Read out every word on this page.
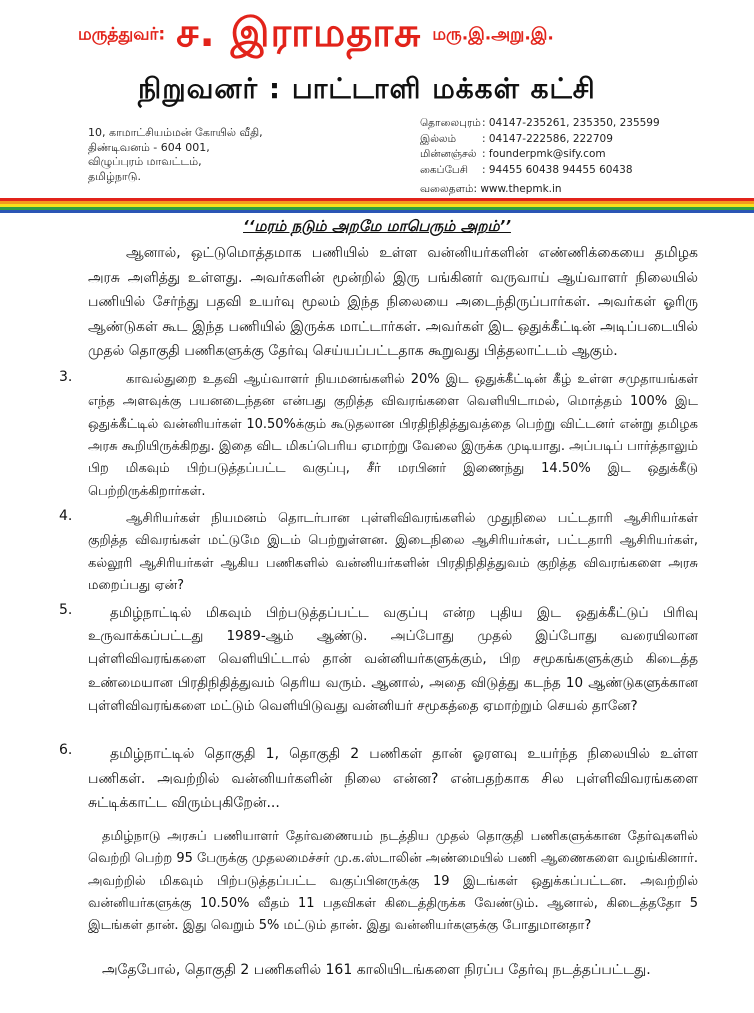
மருத்துவர்: ச. இராமதாசு மரு.இ.அறு.இ.
நிறுவனர் : பாட்டாளி மக்கள் கட்சி
10, காமாட்சியம்மன் கோயில் வீதி,
திண்டிவனம் - 604 001,
விழுப்புரம் மாவட்டம்,
தமிழ்நாடு.
தொலைபுரம்: 04147-235261, 235350, 235599
இல்லம் : 04147-222586, 222709
மின்னஞ்சல் : founderpmk@sify.com
கைப்பேசி : 94455 60438 94455 60438
வலைதளம்: www.thepmk.in
‘‘மரம் நடும் அறமே மாபெரும் அறம்’’
ஆனால், ஒட்டுமொத்தமாக பணியில் உள்ள வன்னியர்களின் எண்ணிக்கையை தமிழக அரசு அளித்து உள்ளது. அவர்களின் மூன்றில் இரு பங்கினர் வருவாய் ஆய்வாளர் நிலையில் பணியில் சேர்ந்து பதவி உயர்வு மூலம் இந்த நிலையை அடைந்திருப்பார்கள். அவர்கள் ஓரிரு ஆண்டுகள் கூட இந்த பணியில் இருக்க மாட்டார்கள். அவர்கள் இட ஒதுக்கீட்டின் அடிப்படையில் முதல் தொகுதி பணிகளுக்கு தேர்வு செய்யப்பட்டதாக கூறுவது பித்தலாட்டம் ஆகும்.
3.	காவல்துறை உதவி ஆய்வாளர் நியமனங்களில் 20% இட ஒதுக்கீட்டின் கீழ் உள்ள சமுதாயங்கள் எந்த அளவுக்கு பயனடைந்தன என்பது குறித்த விவரங்களை வெளியிடாமல், மொத்தம் 100% இட ஒதுக்கீட்டில் வன்னியர்கள் 10.50%க்கும் கூடுதலான பிரதிநிதித்துவத்தை பெற்று விட்டனர் என்று தமிழக அரசு கூறியிருக்கிறது. இதை விட மிகப்பெரிய ஏமாற்று வேலை இருக்க முடியாது. அப்படிப் பார்த்தாலும் பிற மிகவும் பிற்படுத்தப்பட்ட வகுப்பு, சீர் மரபினர் இணைந்து 14.50% இட ஒதுக்கீடு பெற்றிருக்கிறார்கள்.
4.	ஆசிரியர்கள் நியமனம் தொடர்பான புள்ளிவிவரங்களில் முதுநிலை பட்டதாரி ஆசிரியர்கள் குறித்த விவரங்கள் மட்டுமே இடம் பெற்றுள்ளன. இடைநிலை ஆசிரியர்கள், பட்டதாரி ஆசிரியர்கள், கல்லூரி ஆசிரியர்கள் ஆகிய பணிகளில் வன்னியர்களின் பிரதிநிதித்துவம் குறித்த விவரங்களை அரசு மறைப்பது ஏன்?
5.	தமிழ்நாட்டில் மிகவும் பிற்படுத்தப்பட்ட வகுப்பு என்ற புதிய இட ஒதுக்கீட்டுப் பிரிவு உருவாக்கப்பட்டது 1989-ஆம் ஆண்டு. அப்போது முதல் இப்போது வரையிலான புள்ளிவிவரங்களை வெளியிட்டால் தான் வன்னியர்களுக்கும், பிற சமூகங்களுக்கும் கிடைத்த உண்மையான பிரதிநிதித்துவம் தெரிய வரும். ஆனால், அதை விடுத்து கடந்த 10 ஆண்டுகளுக்கான புள்ளிவிவரங்களை மட்டும் வெளியிடுவது வன்னியர் சமூகத்தை ஏமாற்றும் செயல் தானே?
6.	தமிழ்நாட்டில் தொகுதி 1, தொகுதி 2 பணிகள் தான் ஓரளவு உயர்ந்த நிலையில் உள்ள பணிகள். அவற்றில் வன்னியர்களின் நிலை என்ன? என்பதற்காக சில புள்ளிவிவரங்களை சுட்டிக்காட்ட விரும்புகிறேன்...
தமிழ்நாடு அரசுப் பணியாளர் தேர்வணையம் நடத்திய முதல் தொகுதி பணிகளுக்கான தேர்வுகளில் வெற்றி பெற்ற 95 பேருக்கு முதலமைச்சர் மு.க.ஸ்டாலின் அண்மையில் பணி ஆணைகளை வழங்கினார். அவற்றில் மிகவும் பிற்படுத்தப்பட்ட வகுப்பினருக்கு 19 இடங்கள் ஒதுக்கப்பட்டன. அவற்றில் வன்னியர்களுக்கு 10.50% வீதம் 11 பதவிகள் கிடைத்திருக்க வேண்டும். ஆனால், கிடைத்ததோ 5 இடங்கள் தான். இது வெறும் 5% மட்டும் தான். இது வன்னியர்களுக்கு போதுமானதா?
அதேபோல், தொகுதி 2 பணிகளில் 161 காலியிடங்களை நிரப்ப தேர்வு நடத்தப்பட்டது.
